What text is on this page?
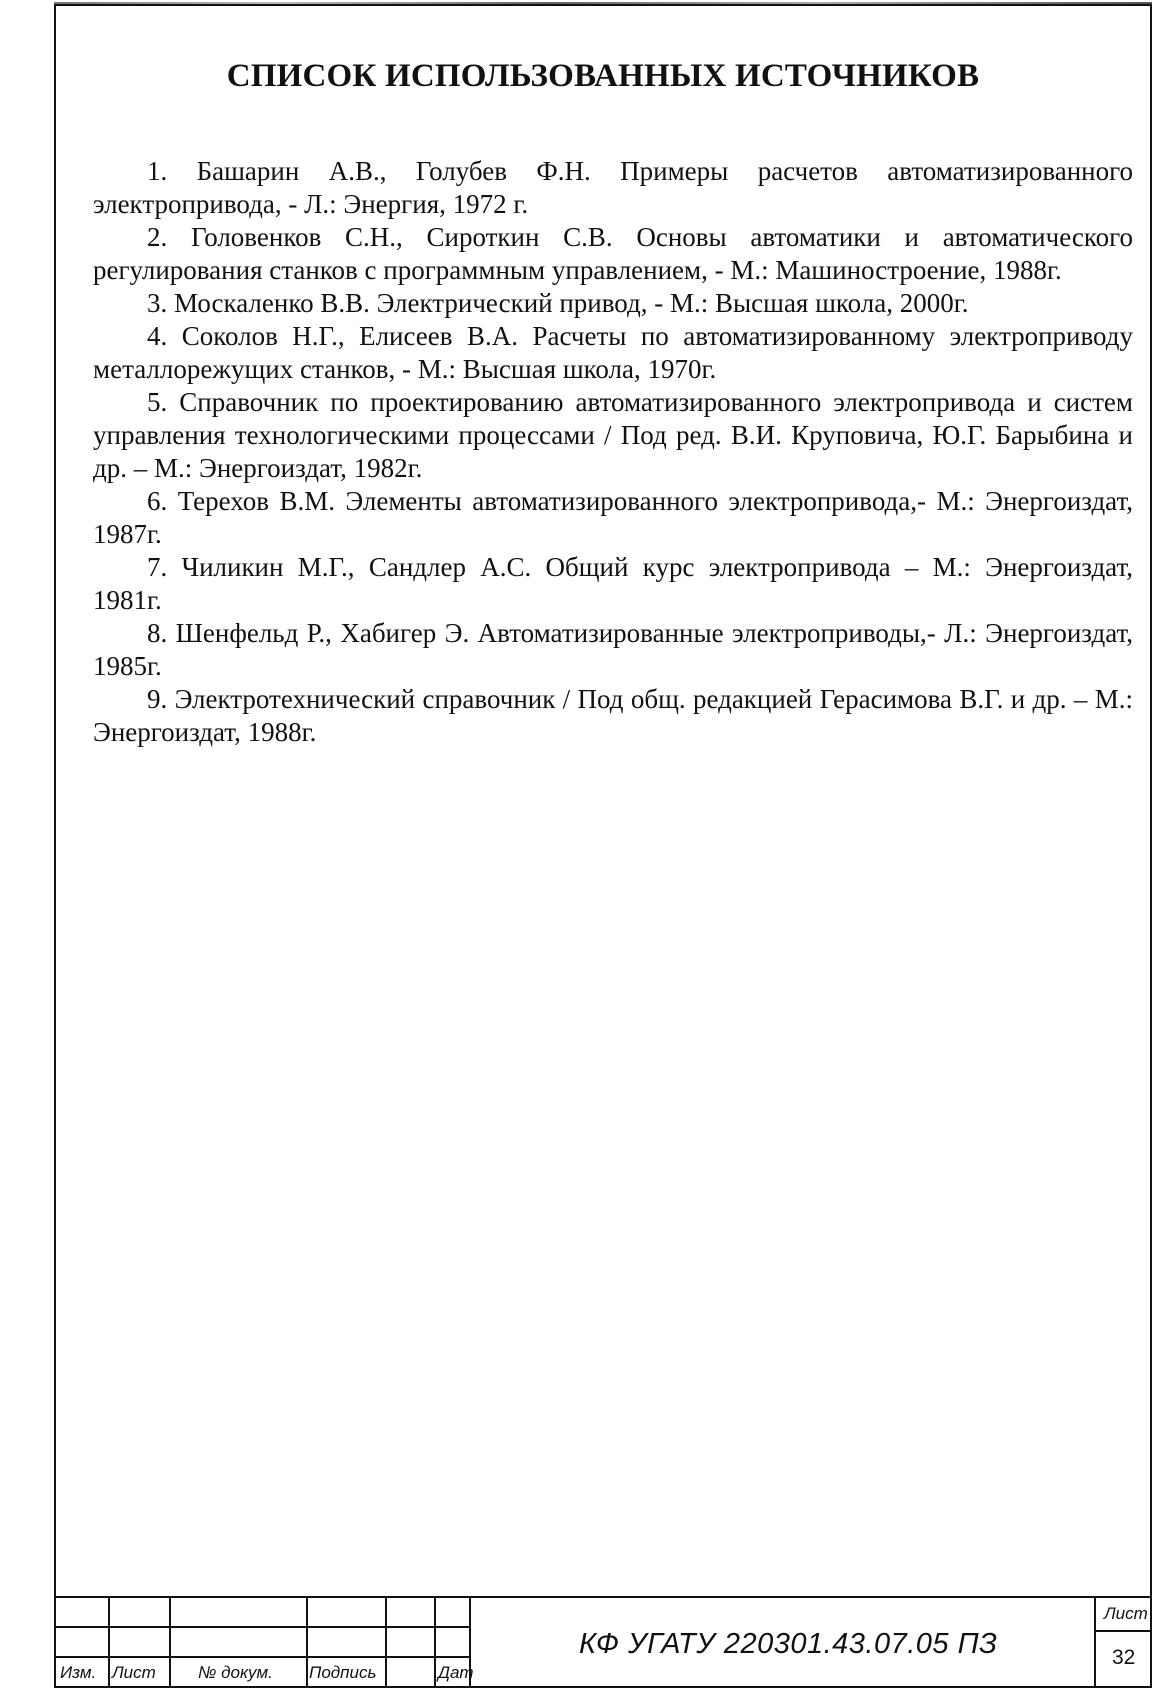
СПИСОК ИСПОЛЬЗОВАННЫХ ИСТОЧНИКОВ

1. Башарин А.В., Голубев Ф.Н. Примеры расчетов автоматизированного электропривода, - Л.: Энергия, 1972 г.

2. Головенков С.Н., Сироткин С.В. Основы автоматики и автоматического регулирования станков с программным управлением, - М.: Машиностроение, 1988г.

3. Москаленко В.В. Электрический привод, - М.: Высшая школа, 2000г.

4. Соколов Н.Г., Елисеев В.А. Расчеты по автоматизированному электроприводу металлорежущих станков, - М.: Высшая школа, 1970г.

5. Справочник по проектированию автоматизированного электропривода и систем управления технологическими процессами / Под ред. В.И. Круповича, Ю.Г. Барыбина и др. – М.: Энергоиздат, 1982г.

6. Терехов В.М. Элементы автоматизированного электропривода,- М.: Энергоиздат, 1987г.

7. Чиликин М.Г., Сандлер А.С. Общий курс электропривода – М.: Энергоиздат, 1981г.

8. Шенфельд Р., Хабигер Э. Автоматизированные электроприводы,- Л.: Энергоиздат, 1985г.

9. Электротехнический справочник / Под общ. редакцией Герасимова В.Г. и др. – М.: Энергоиздат, 1988г.

Изм. Лист № докум. Подпись	Дат
КФ УГАТУ 220301.43.07.05 ПЗ
Лист
32
